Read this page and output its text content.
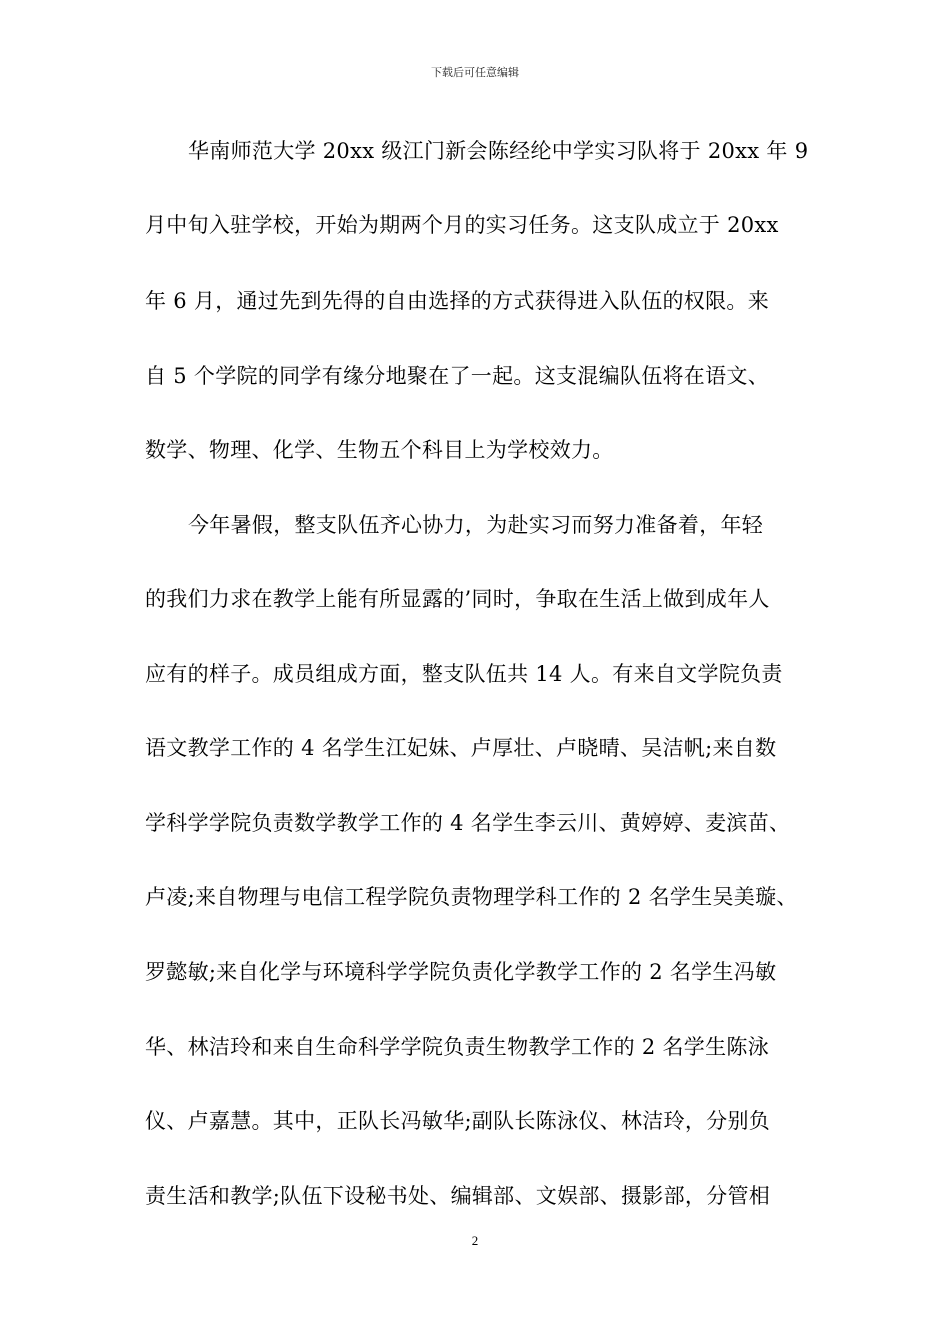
下载后可任意编辑
华南师范大学 20xx 级江门新会陈经纶中学实习队将于 20xx 年 9
月中旬入驻学校，开始为期两个月的实习任务。这支队成立于 20xx
年 6 月，通过先到先得的自由选择的方式获得进入队伍的权限。来
自 5 个学院的同学有缘分地聚在了一起。这支混编队伍将在语文、
数学、物理、化学、生物五个科目上为学校效力。
今年暑假，整支队伍齐心协力，为赴实习而努力准备着，年轻
的我们力求在教学上能有所显露的’同时，争取在生活上做到成年人
应有的样子。成员组成方面，整支队伍共 14 人。有来自文学院负责
语文教学工作的 4 名学生江妃妹、卢厚壮、卢晓晴、吴洁帆;来自数
学科学学院负责数学教学工作的 4 名学生李云川、黄婷婷、麦滨苗、
卢凌;来自物理与电信工程学院负责物理学科工作的 2 名学生吴美璇、
罗懿敏;来自化学与环境科学学院负责化学教学工作的 2 名学生冯敏
华、林洁玲和来自生命科学学院负责生物教学工作的 2 名学生陈泳
仪、卢嘉慧。其中，正队长冯敏华;副队长陈泳仪、林洁玲，分别负
责生活和教学;队伍下设秘书处、编辑部、文娱部、摄影部，分管相
2
